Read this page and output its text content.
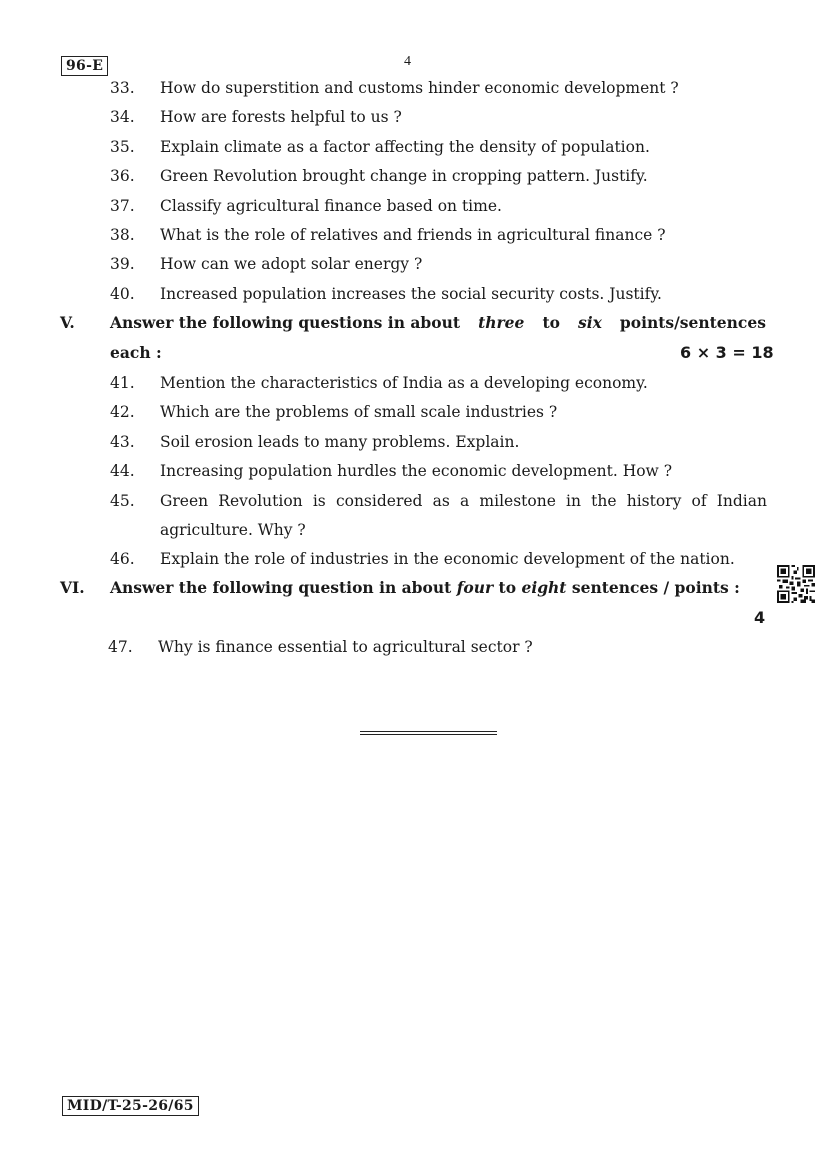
96-E	4
33.	How do superstition and customs hinder economic development ?
34.	How are forests helpful to us ?
35.	Explain climate as a factor affecting the density of population.
36.	Green Revolution brought change in cropping pattern. Justify.
37.	Classify agricultural finance based on time.
38.	What is the role of relatives and friends in agricultural finance ?
39.	How can we adopt solar energy ?
40.	Increased population increases the social security costs. Justify.
V. Answer the following questions in about three to six points/sentences
each :	6 × 3 = 18
41.	Mention the characteristics of India as a developing economy.
42.	Which are the problems of small scale industries ?
43.	Soil erosion leads to many problems. Explain.
44.	Increasing population hurdles the economic development. How ?
45.	Green Revolution is considered as a milestone in the history of Indian
agriculture. Why ?
46.	Explain the role of industries in the economic development of the nation.
VI. Answer the following question in about four to eight sentences / points :
4
47.	Why is finance essential to agricultural sector ?
MID/T-25-26/65
